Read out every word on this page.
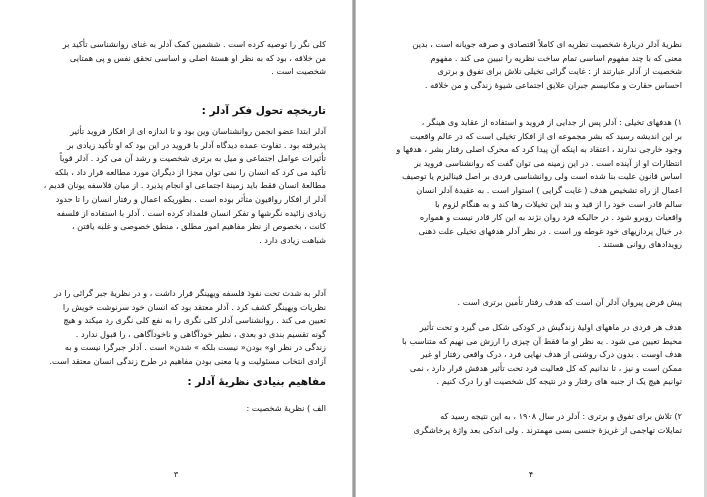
کلی نگر را توصیه کرده است . ششمین کمک آدلر به غنای روانشناسی تأکید بر
من خلاقه ، بود که به نظر او هستهٔ اصلی و اساسی تحقق نفس و پی همتایی
شخصیت است .
تاریخچه تحول فکر آدلر :
آدلر ابتدا عضو انجمن روانشناسان وین بود و تا اندازه ای از افکار فروید تأثیر
پذیرفته بود . تفاوت عمده دیدگاه آدلر با فروید در این بود که او تأکید زیادی بر
تأثیرات عوامل اجتماعی و میل به برتری شخصیت و رشد آن می کرد . آدلر قویاً
تأکید می کرد که انسان را نمی توان مجزا از دیگران مورد مطالعه قرار داد ، بلکه
مطالعهٔ انسان فقط باید زمینهٔ اجتماعی او انجام پذیرد . از میان فلاسفه یونان قدیم ،
آدلر از افکار رواقیون متأثر بوده است . بطوریکه اعمال و رفتار انسان را تا حدود
زیادی زائیده نگرشها و تفکر انسان قلمداد کرده است . آدلر با استفاده از فلسفه
کانت ، بخصوص از نظر مفاهیم امور مطلق ، منطق خصوصی و غلبه یافتن ،
شباهت زیادی دارد .
آدلر به شدت تحت نفوذ فلسفه ویهینگر قرار داشت ، و در نظریهٔ جبر گرائی را در
نظریات ویهینگر کشف کرد . آدلر معتقد بود که انسان خود سرنوشت خویش را
تعیین می کند . روانشناسی آدلر کلی نگری را به نفع کلی نگری رد میکند و هیچ
گونه تقسیم بندی دو بعدی ، نظیر خودآگاهی و ناخودآگاهی ، را قبول ندارد .
زندگی در نظر او» بودن« نیست بلکه » شدن« است . آدلر جبرگرا نیست و به
آزادی انتخاب مسئولیت و یا معنی بودن مفاهیم در طرح زندگی انسان معتقد است.
مفاهیم بنیادی نظریهٔ آدلر :
الف ) نظریهٔ شخصیت :
۳
نظریهٔ آدلر دربارهٔ شخصیت نظریه ای کاملاً اقتصادی و صرفه جویانه است ، بدین
معنی که با چند مفهوم اساسی تمام ساخت نظریه را تبیین می کند . مفهوم
شخصیت از آدلر عبارتند از : غایت گرائی تخیلی تلاش برای تفوق و برتری
احساس حقارت و مکانیسم جبران علایق اجتماعی شیوهٔ زندگی و من خلاقه .
۱) هدفهای تخیلی : آدلر پس از جدایی از فروید و استفاده از عقاید وی هینگر ،
بر این اندیشه رسید که بشر مجموعه ای از افکار تخیلی است که در عالم واقعیت
وجود خارجی ندارند ، اعتقاد به اینکه آن پیدا کرد که محرک اصلی رفتار بشر ، هدفها و
انتظارات او از آینده است . در این زمینه می توان گفت که روانشناسی فروید بر
اساس قانون علیت بنا شده است ولی روانشناسی فردی بر اصل فینالیزم یا توصیف
اعمال از راه تشخیص هدف ( غایت گرایی ) استوار است . به عقیدهٔ آدلر انسان
سالم قادر است خود را از قید و بند این تخیلات رها کند و به هنگام لزوم با
واقعیات روبرو شود . در حالیکه فرد روان نژند به این کار قادر نیست و همواره
در خیال پردازیهای خود غوطه ور است . در نظر آدلر هدفهای تخیلی علت ذهنی
رویدادهای روانی هستند .
پیش فرض پیروان آدلر آن است که هدف رفتار تأمین برتری است .
هدف هر فردی در ماههای اولیهٔ زندگیش در کودکی شکل می گیرد و تحت تأثیر
محیط تعیین می شود . به نظر او ما فقط آن چیزی را ارزش می نهیم که متناسب با
هدف اوست . بدون درک روشنی از هدف نهایی فرد ، درک واقعی رفتار او غیر
ممکن است و نیز ، تا ندانیم که کل فعالیت فرد تحت تأثیر هدفش قرار دارد ، نمی
توانیم هیچ یک از جنبه های رفتار و در نتیجه کل شخصیت او را درک کنیم .
۲) تلاش برای تفوق و برتری : آدلر در سال ۱۹۰۸ ، به این نتیجه رسید که
تمایلات تهاجمی از غریزهٔ جنسی بسی مهمترند . ولی اندکی بعد واژهٔ پرخاشگری
۴
